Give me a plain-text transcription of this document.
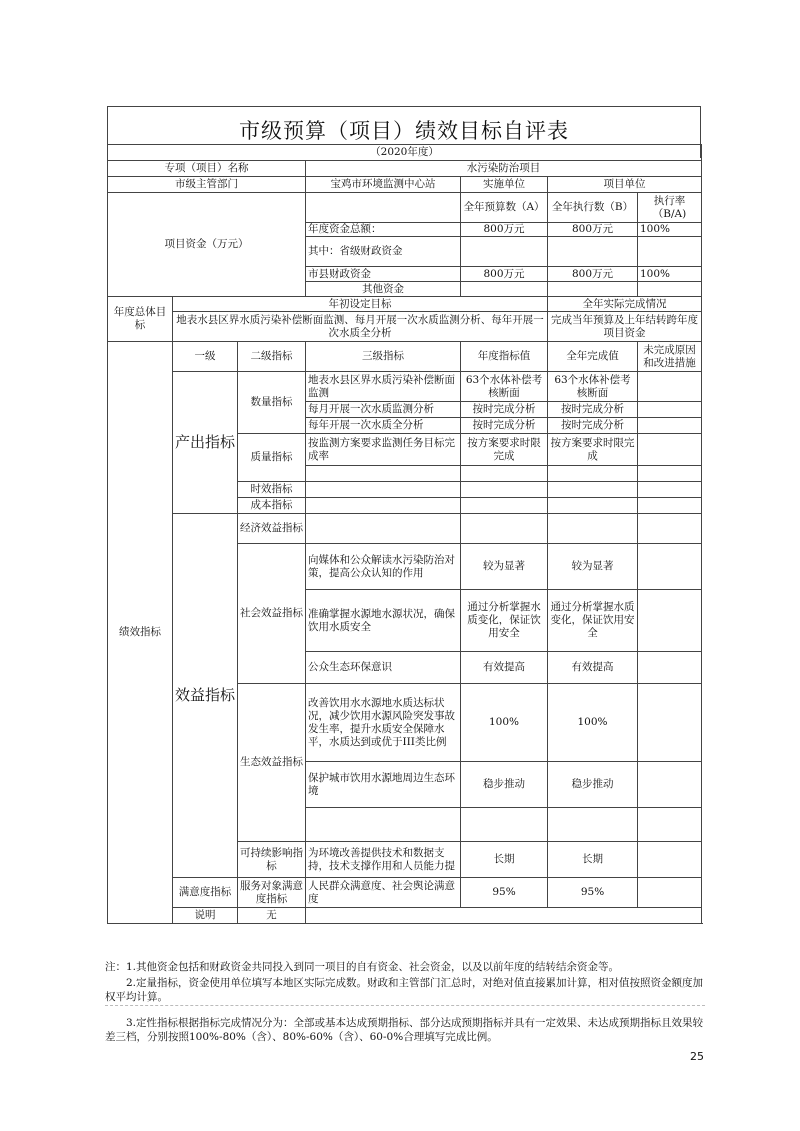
市级预算（项目）绩效目标自评表
（2020年度）						
专项（项目）名称			水污染防治项目			
市级主管部门			宝鸡市环境监测中心站	实施单位	项目单位	
项目资金（万元）				全年预算数（A）	全年执行数（B）	执行率（B/A)
			年度资金总额：	800万元	800万元	100%
			其中：省级财政资金			
			市县财政资金	800万元	800万元	100%
			其他资金			
年度总体目标	年初设定目标				全年实际完成情况	
	地表水县区界水质污染补偿断面监测、每月开展一次水质监测分析、每年开展一次水质全分析				完成当年预算及上年结转跨年度项目资金	
绩效指标	一级	二级指标	三级指标	年度指标值	全年完成值	未完成原因和改进措施
	产出指标	数量指标	地表水县区界水质污染补偿断面监测	63个水体补偿考核断面	63个水体补偿考核断面	
			每月开展一次水质监测分析	按时完成分析	按时完成分析	
			每年开展一次水质全分析	按时完成分析	按时完成分析	
		质量指标	按监测方案要求监测任务目标完成率	按方案要求时限完成	按方案要求时限完成	

		时效指标				
		成本指标				
	效益指标	经济效益指标				
		社会效益指标	向媒体和公众解读水污染防治对策，提高公众认知的作用	较为显著	较为显著	
			准确掌握水源地水源状况，确保饮用水质安全	通过分析掌握水质变化，保证饮用安全	通过分析掌握水质变化，保证饮用安全	
			公众生态环保意识	有效提高	有效提高	
		生态效益指标	改善饮用水水源地水质达标状况，减少饮用水源风险突发事故发生率，提升水质安全保障水平，水质达到或优于III类比例	100%	100%	
			保护城市饮用水源地周边生态环境	稳步推动	稳步推动	

		可持续影响指标	为环境改善提供技术和数据支持，技术支撑作用和人员能力提	长期	长期	
	满意度指标	服务对象满意度指标	人民群众满意度、社会舆论满意度	95%	95%	
	说明	无				

注：1.其他资金包括和财政资金共同投入到同一项目的自有资金、社会资金，以及以前年度的结转结余资金等。

　　2.定量指标，资金使用单位填写本地区实际完成数。财政和主管部门汇总时，对绝对值直接累加计算，相对值按照资金额度加权平均计算。

　　3.定性指标根据指标完成情况分为：全部或基本达成预期指标、部分达成预期指标并具有一定效果、未达成预期指标且效果较差三档，分别按照100%-80%（含）、80%-60%（含）、60-0%合理填写完成比例。

25
